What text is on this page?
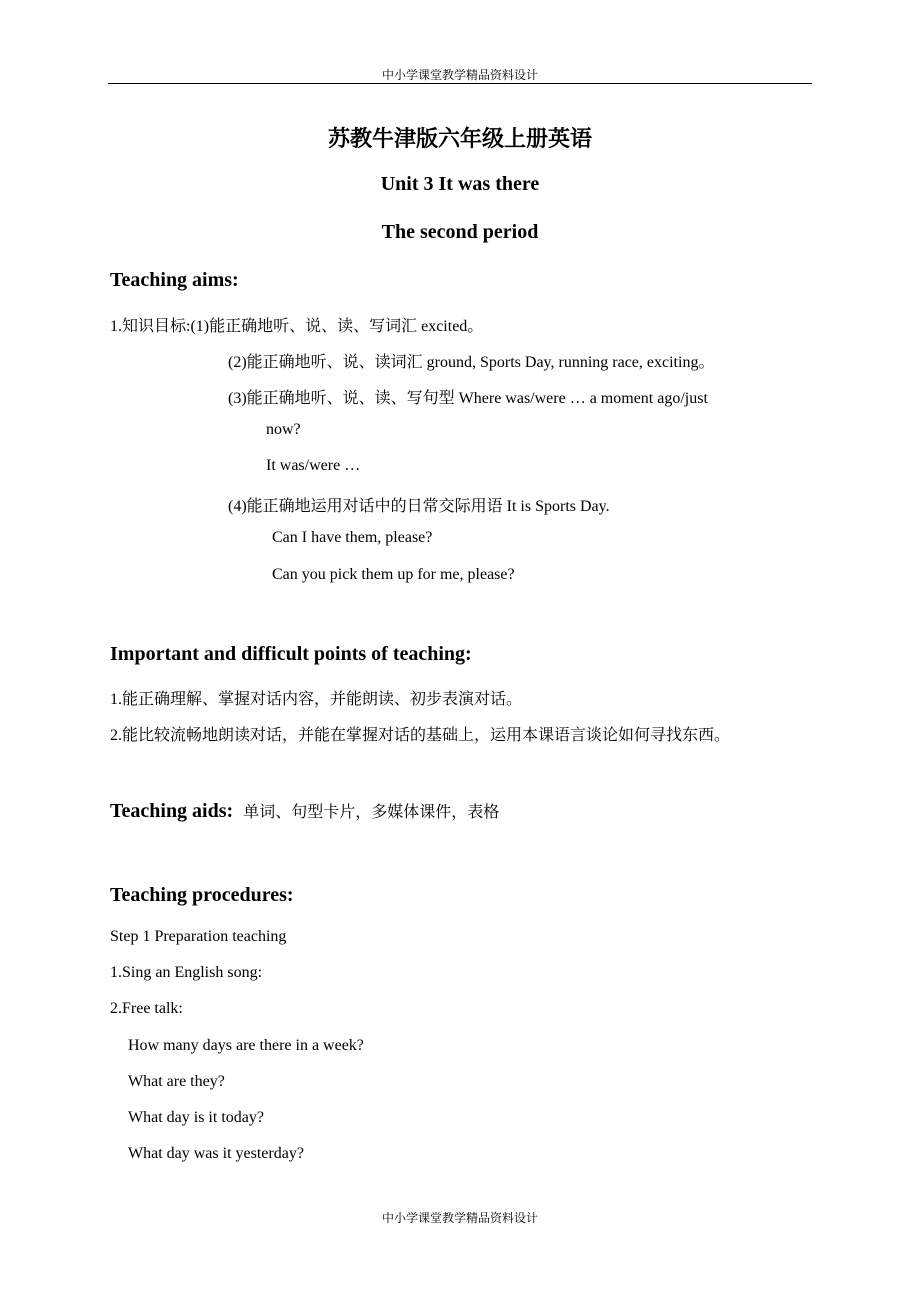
中小学课堂教学精品资料设计
苏教牛津版六年级上册英语
Unit 3 It was there
The second period
Teaching aims:
1.知识目标:(1)能正确地听、说、读、写词汇 excited。
(2)能正确地听、说、读词汇 ground, Sports Day, running race, exciting。
(3)能正确地听、说、读、写句型 Where was/were … a moment ago/just
now?
It was/were …
(4)能正确地运用对话中的日常交际用语 It is Sports Day.
Can I have them, please?
Can you pick them up for me, please?
Important and difficult points of teaching:
1.能正确理解、掌握对话内容，并能朗读、初步表演对话。
2.能比较流畅地朗读对话，并能在掌握对话的基础上，运用本课语言谈论如何寻找东西。
Teaching aids: 单词、句型卡片，多媒体课件，表格
Teaching procedures:
Step 1 Preparation teaching
1.Sing an English song:
2.Free talk:
How many days are there in a week?
What are they?
What day is it today?
What day was it yesterday?
中小学课堂教学精品资料设计
